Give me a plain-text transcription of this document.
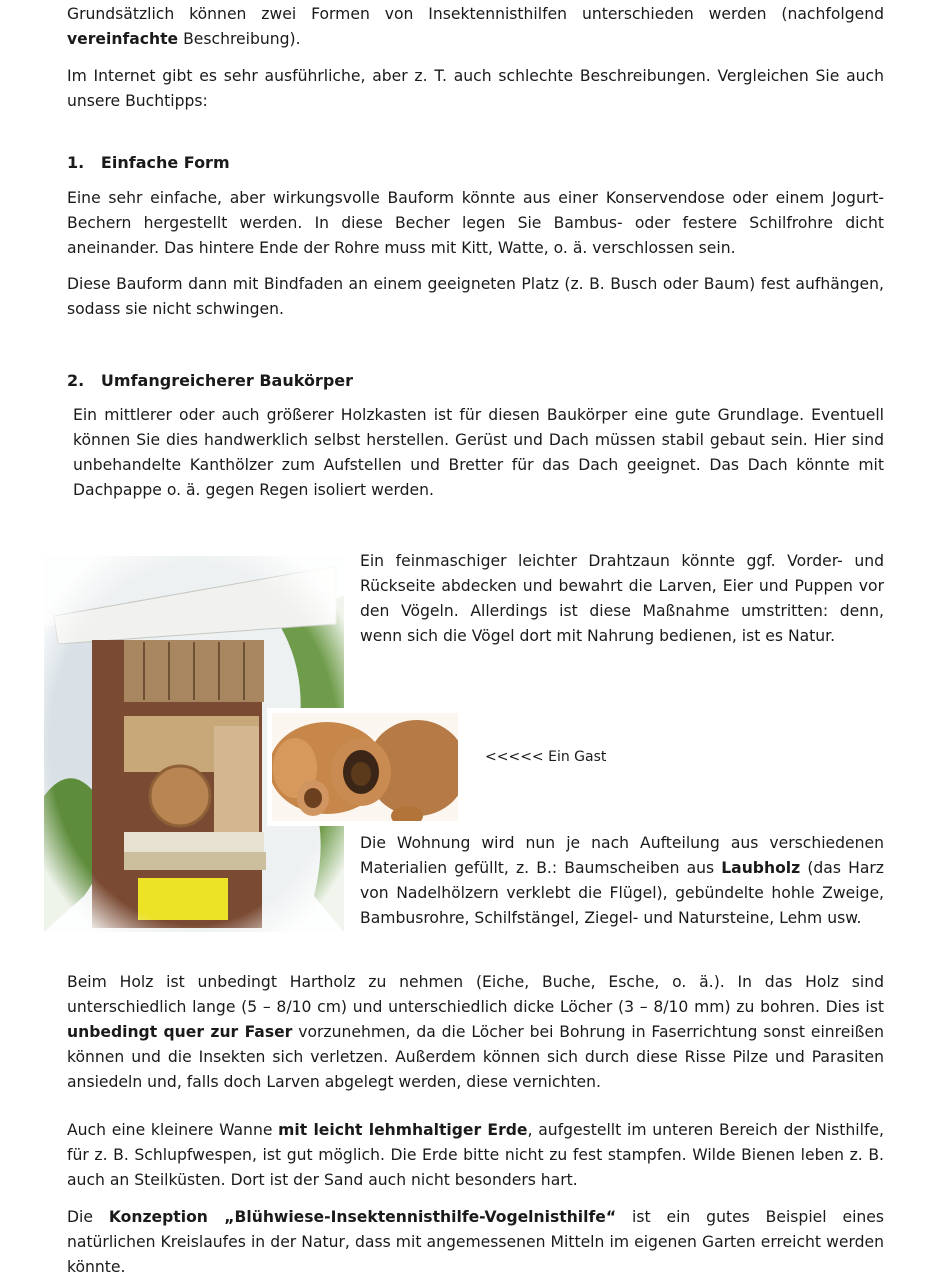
Grundsätzlich können zwei Formen von Insektennisthilfen unterschieden werden (nachfolgend vereinfachte Beschreibung).

Im Internet gibt es sehr ausführliche, aber z. T. auch schlechte Beschreibungen. Vergleichen Sie auch unsere Buchtipps:

1.   Einfache Form

Eine sehr einfache, aber wirkungsvolle Bauform könnte aus einer Konservendose oder einem Jogurt-Bechern hergestellt werden. In diese Becher legen Sie Bambus- oder festere Schilfrohre dicht aneinander. Das hintere Ende der Rohre muss mit Kitt, Watte, o. ä. verschlossen sein.

Diese Bauform dann mit Bindfaden an einem geeigneten Platz (z. B. Busch oder Baum) fest aufhängen, sodass sie nicht schwingen.

2.   Umfangreicherer Baukörper

Ein mittlerer oder auch größerer Holzkasten ist für diesen Baukörper eine gute Grundlage. Eventuell können Sie dies handwerklich selbst herstellen. Gerüst und Dach müssen stabil gebaut sein. Hier sind unbehandelte Kanthölzer zum Aufstellen und Bretter für das Dach geeignet. Das Dach könnte mit Dachpappe o. ä. gegen Regen isoliert werden.

Ein feinmaschiger leichter Drahtzaun könnte ggf. Vorder- und Rückseite abdecken und bewahrt die Larven, Eier und Puppen vor den Vögeln. Allerdings ist diese Maßnahme umstritten: denn, wenn sich die Vögel dort mit Nahrung bedienen, ist es Natur.

<<<<< Ein Gast

Die Wohnung wird nun je nach Aufteilung aus verschiedenen Materialien gefüllt, z. B.: Baumscheiben aus Laubholz (das Harz von Nadelhölzern verklebt die Flügel), gebündelte hohle Zweige, Bambusrohre, Schilfstängel, Ziegel- und Natursteine, Lehm usw.

Beim Holz ist unbedingt Hartholz zu nehmen (Eiche, Buche, Esche, o. ä.). In das Holz sind unterschiedlich lange (5 – 8/10 cm) und unterschiedlich dicke Löcher (3 – 8/10 mm) zu bohren. Dies ist unbedingt quer zur Faser vorzunehmen, da die Löcher bei Bohrung in Faserrichtung sonst einreißen können und die Insekten sich verletzen. Außerdem können sich durch diese Risse Pilze und Parasiten ansiedeln und, falls doch Larven abgelegt werden, diese vernichten.

Auch eine kleinere Wanne mit leicht lehmhaltiger Erde, aufgestellt im unteren Bereich der Nisthilfe, für z. B. Schlupfwespen, ist gut möglich. Die Erde bitte nicht zu fest stampfen. Wilde Bienen leben z. B. auch an Steilküsten. Dort ist der Sand auch nicht besonders hart.

Die Konzeption „Blühwiese-Insektennisthilfe-Vogelnisthilfe“ ist ein gutes Beispiel eines natürlichen Kreislaufes in der Natur, dass mit angemessenen Mitteln im eigenen Garten erreicht werden könnte.
